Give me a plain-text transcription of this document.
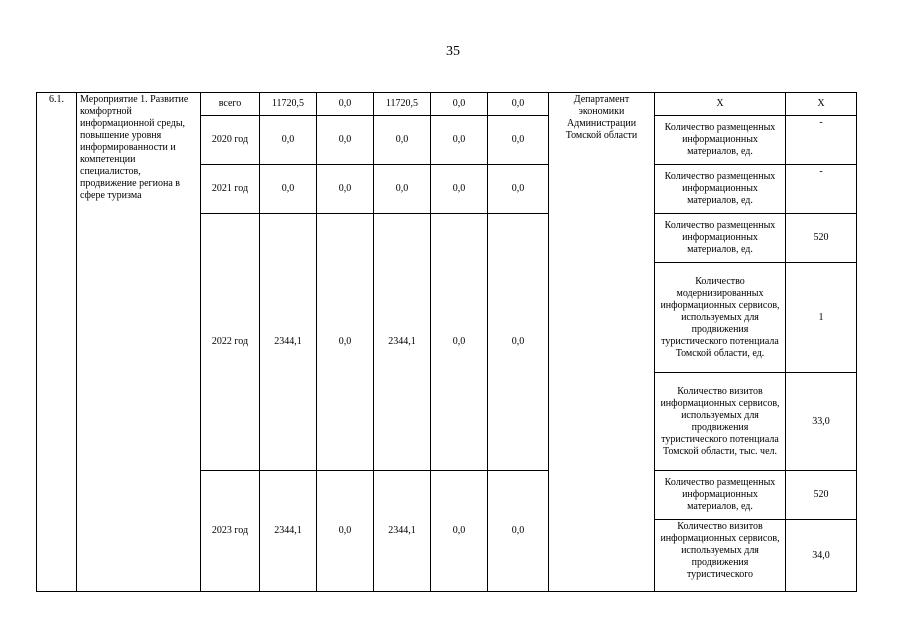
35
6.1.	Мероприятие 1. Развитие комфортной информационной среды, повышение уровня информированности и компетенции специалистов, продвижение региона в сфере туризма	всего	11720,5	0,0	11720,5	0,0	0,0	Департамент экономики Администрации Томской области	Х	Х
		2020 год	0,0	0,0	0,0	0,0	0,0		Количество размещенных информационных материалов, ед.	-
		2021 год	0,0	0,0	0,0	0,0	0,0		Количество размещенных информационных материалов, ед.	-
		2022 год	2344,1	0,0	2344,1	0,0	0,0		Количество размещенных информационных материалов, ед.	520
									Количество модернизированных информационных сервисов, используемых для продвижения туристического потенциала Томской области, ед.	1
									Количество визитов информационных сервисов, используемых для продвижения туристического потенциала Томской области, тыс. чел.	33,0
		2023 год	2344,1	0,0	2344,1	0,0	0,0		Количество размещенных информационных материалов, ед.	520
									Количество визитов информационных сервисов, используемых для продвижения туристического	34,0
